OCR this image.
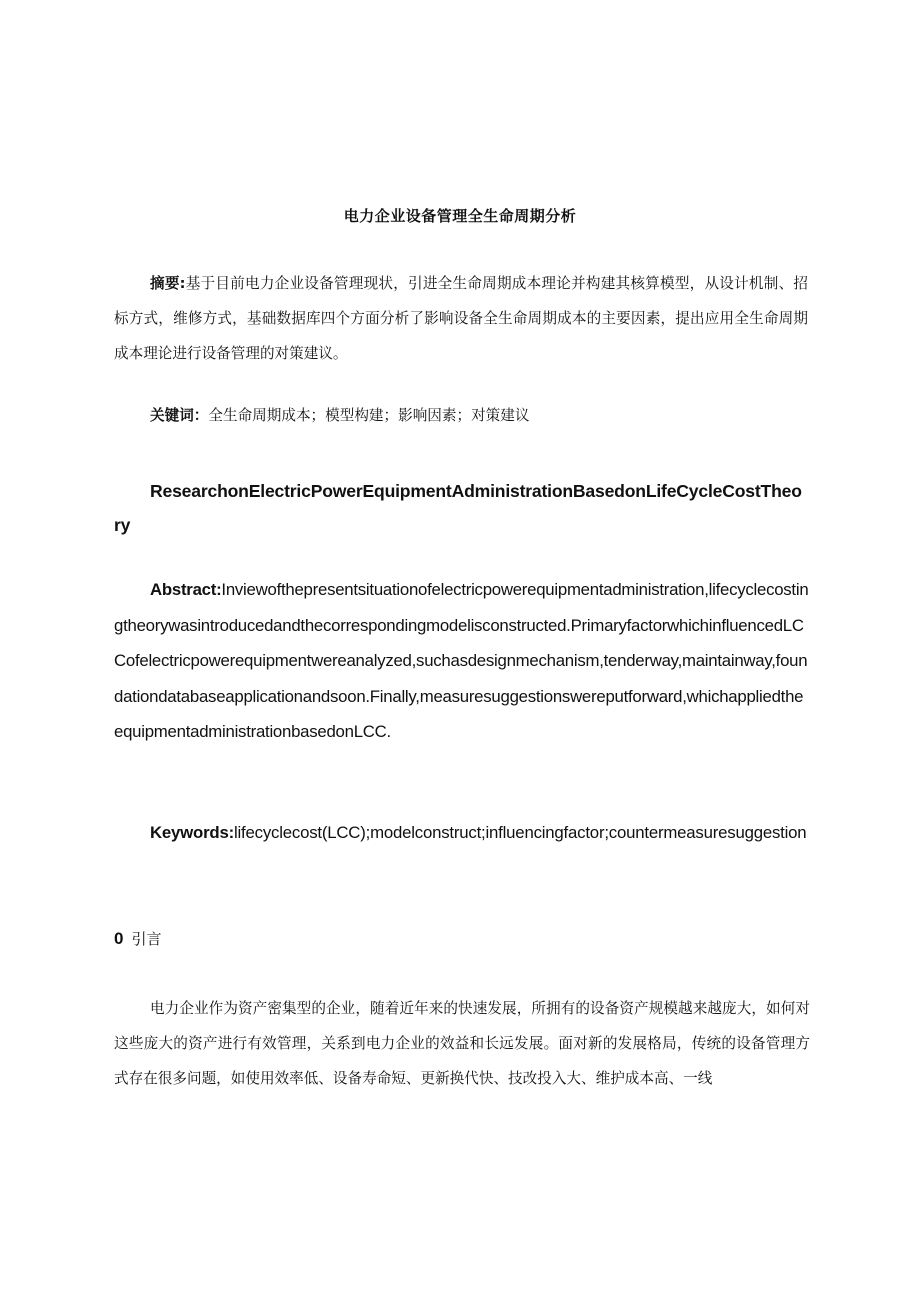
电力企业设备管理全生命周期分析

摘要:基于目前电力企业设备管理现状，引进全生命周期成本理论并构建其核算模型，从设计机制、招标方式，维修方式，基础数据库四个方面分析了影响设备全生命周期成本的主要因素，提出应用全生命周期成本理论进行设备管理的对策建议。

关键词：全生命周期成本；模型构建；影响因素；对策建议

ResearchonElectricPowerEquipmentAdministrationBasedonLifeCycleCostTheory

Abstract:Inviewofthepresentsituationofelectricpowerequipmentadministration,lifecyclecostingtheorywasintroducedandthecorrespondingmodelisconstructed.PrimaryfactorwhichinfluencedLCCofelectricpowerequipmentwereanalyzed,suchasdesignmechanism,tenderway,maintainway,foundationdatabaseapplicationandsoon.Finally,measuresuggestionswereputforward,whichappliedtheequipmentadministrationbasedonLCC.

Keywords:lifecyclecost(LCC);modelconstruct;influencingfactor;countermeasuresuggestion

0 引言

电力企业作为资产密集型的企业，随着近年来的快速发展，所拥有的设备资产规模越来越庞大，如何对这些庞大的资产进行有效管理，关系到电力企业的效益和长远发展。面对新的发展格局，传统的设备管理方式存在很多问题，如使用效率低、设备寿命短、更新换代快、技改投入大、维护成本高、一线
